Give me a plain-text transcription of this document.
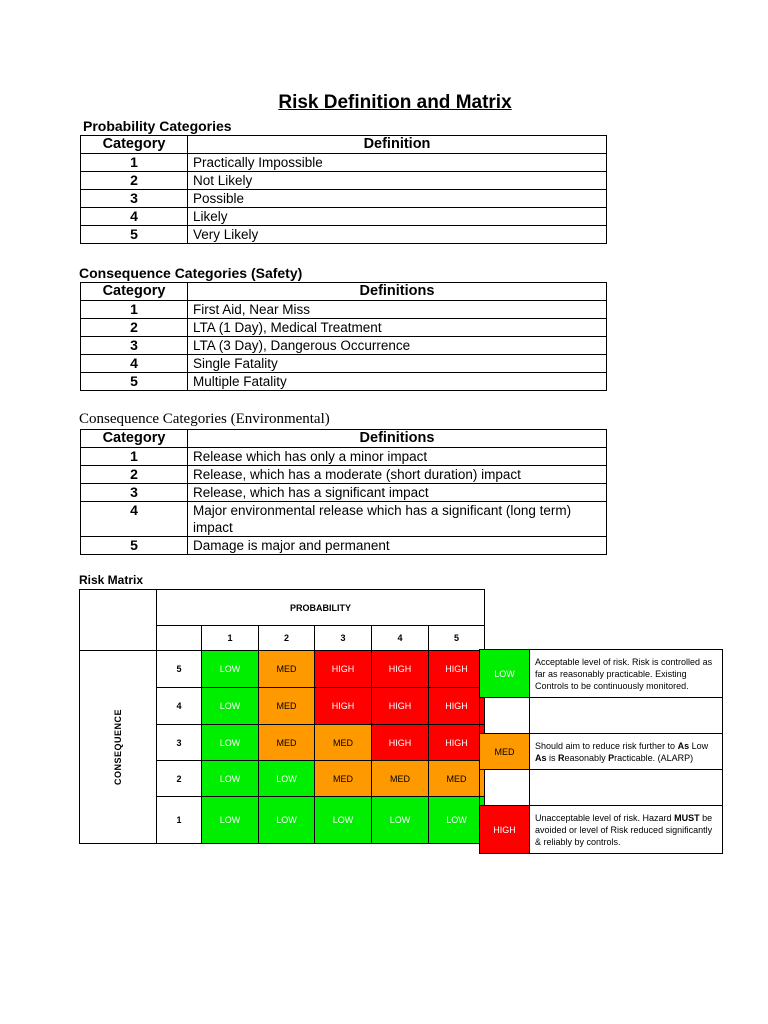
Risk Definition and Matrix
Probability Categories
Category	Definition
1	Practically Impossible
2	Not Likely
3	Possible
4	Likely
5	Very Likely
Consequence Categories (Safety)
Category	Definitions
1	First Aid, Near Miss
2	LTA (1 Day), Medical Treatment
3	LTA (3 Day), Dangerous Occurrence
4	Single Fatality
5	Multiple Fatality
Consequence Categories (Environmental)
Category	Definitions
1	Release which has only a minor impact
2	Release, which has a moderate (short duration) impact
3	Release, which has a significant impact
4	Major environmental release which has a significant (long term) impact
5	Damage is major and permanent
Risk Matrix
	PROBABILITY					
		1	2	3	4	5
CONSEQUENCE	5	LOW	MED	HIGH	HIGH	HIGH
	4	LOW	MED	HIGH	HIGH	HIGH
	3	LOW	MED	MED	HIGH	HIGH
	2	LOW	LOW	MED	MED	MED
	1	LOW	LOW	LOW	LOW	LOW
LOW	Acceptable level of risk. Risk is controlled as far as reasonably practicable. Existing Controls to be continuously monitored.

MED	Should aim to reduce risk further to As Low As is Reasonably Practicable. (ALARP)

HIGH	Unacceptable level of risk. Hazard MUST be avoided or level of Risk reduced significantly & reliably by controls.
